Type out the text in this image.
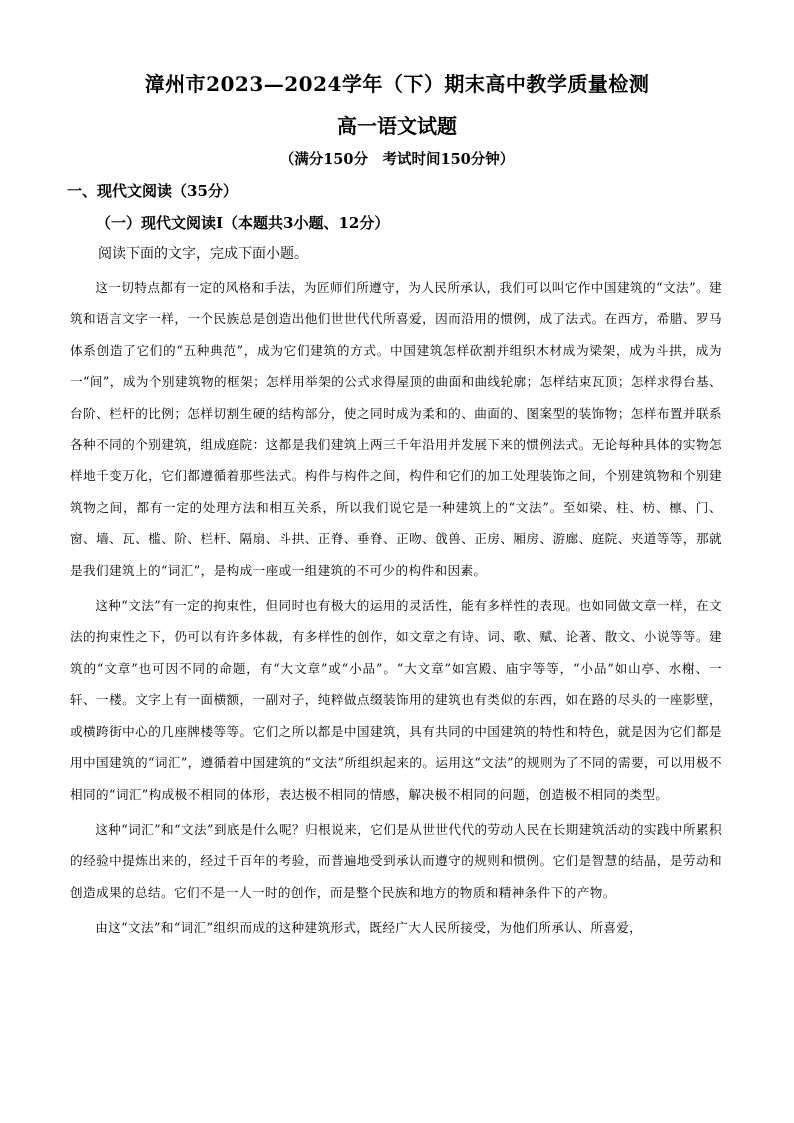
漳州市2023—2024学年（下）期末高中教学质量检测
高一语文试题
（满分150分　考试时间150分钟）
一、现代文阅读（35分）
（一）现代文阅读Ⅰ（本题共3小题、12分）
阅读下面的文字，完成下面小题。

这一切特点都有一定的风格和手法，为匠师们所遵守，为人民所承认，我们可以叫它作中国建筑的“文法”。建筑和语言文字一样，一个民族总是创造出他们世世代代所喜爱，因而沿用的惯例，成了法式。在西方，希腊、罗马体系创造了它们的“五种典范”，成为它们建筑的方式。中国建筑怎样砍割并组织木材成为梁架，成为斗拱，成为一“间”，成为个别建筑物的框架；怎样用举架的公式求得屋顶的曲面和曲线轮廓；怎样结束瓦顶；怎样求得台基、台阶、栏杆的比例；怎样切割生硬的结构部分，使之同时成为柔和的、曲面的、图案型的装饰物；怎样布置并联系各种不同的个别建筑，组成庭院：这都是我们建筑上两三千年沿用并发展下来的惯例法式。无论每种具体的实物怎样地千变万化，它们都遵循着那些法式。构件与构件之间，构件和它们的加工处理装饰之间，个别建筑物和个别建筑物之间，都有一定的处理方法和相互关系，所以我们说它是一种建筑上的“文法”。至如梁、柱、枋、檩、门、窗、墙、瓦、槛、阶、栏杆、隔扇、斗拱、正脊、垂脊、正吻、戗兽、正房、厢房、游廊、庭院、夹道等等，那就是我们建筑上的“词汇”，是构成一座或一组建筑的不可少的构件和因素。

这种“文法”有一定的拘束性，但同时也有极大的运用的灵活性，能有多样性的表现。也如同做文章一样，在文法的拘束性之下，仍可以有许多体裁，有多样性的创作，如文章之有诗、词、歌、赋、论著、散文、小说等等。建筑的“文章”也可因不同的命题，有“大文章”或“小品”。“大文章”如宫殿、庙宇等等，“小品”如山亭、水榭、一轩、一楼。文字上有一面横额，一副对子，纯粹做点缀装饰用的建筑也有类似的东西，如在路的尽头的一座影壁，或横跨街中心的几座牌楼等等。它们之所以都是中国建筑，具有共同的中国建筑的特性和特色，就是因为它们都是用中国建筑的“词汇”，遵循着中国建筑的“文法”所组织起来的。运用这“文法”的规则为了不同的需要，可以用极不相同的“词汇”构成极不相同的体形，表达极不相同的情感，解决极不相同的问题，创造极不相同的类型。

这种“词汇”和“文法”到底是什么呢？归根说来，它们是从世世代代的劳动人民在长期建筑活动的实践中所累积的经验中提炼出来的，经过千百年的考验，而普遍地受到承认而遵守的规则和惯例。它们是智慧的结晶，是劳动和创造成果的总结。它们不是一人一时的创作，而是整个民族和地方的物质和精神条件下的产物。

由这“文法”和“词汇”组织而成的这种建筑形式，既经广大人民所接受，为他们所承认、所喜爱，
